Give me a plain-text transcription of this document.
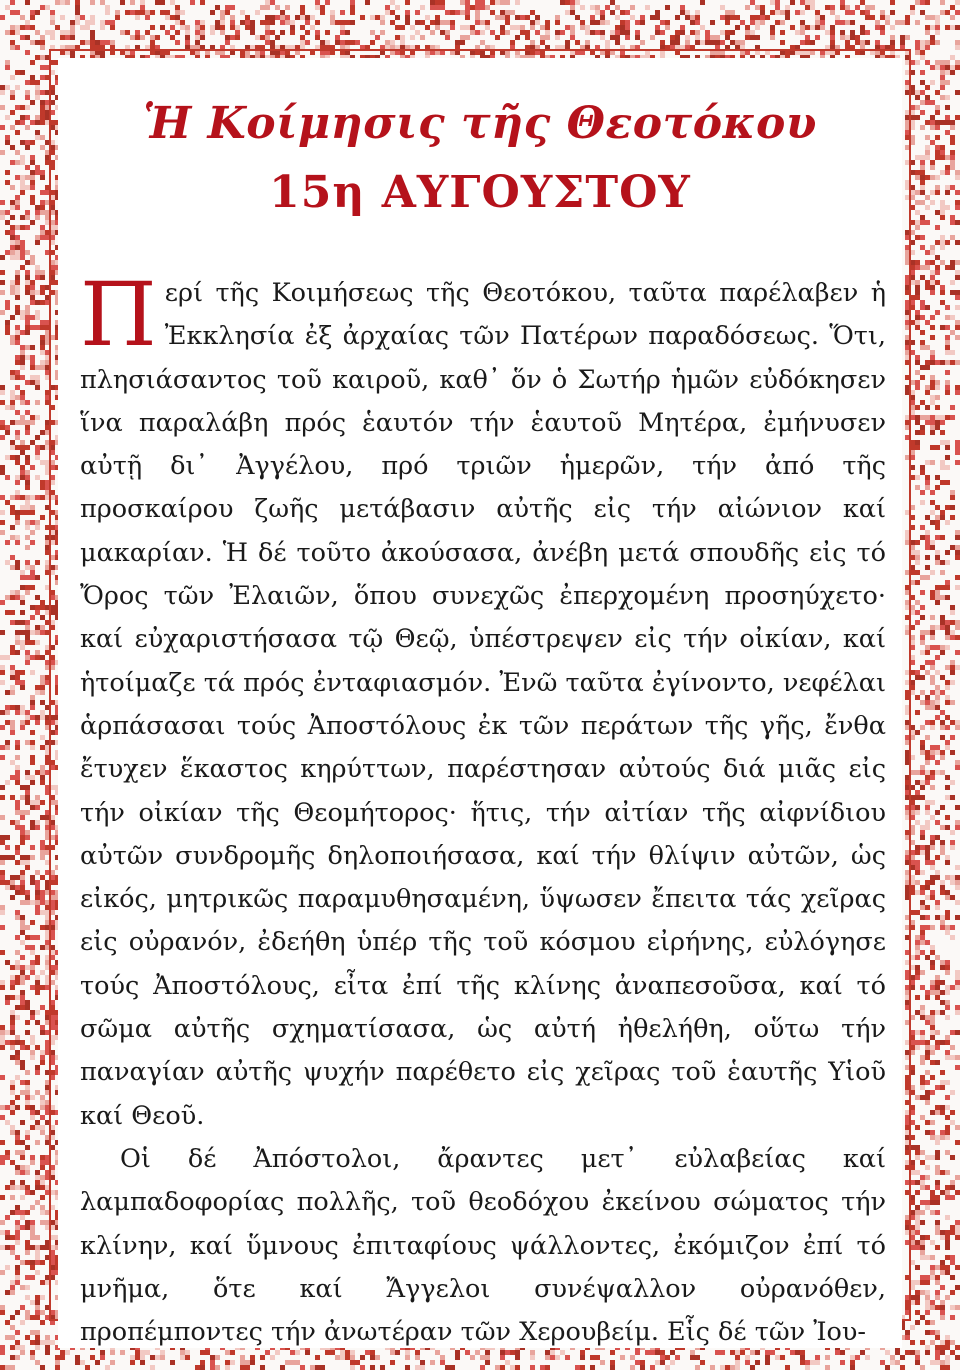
Ἡ Κοίμησις τῆς Θεοτόκου
15η ΑΥΓΟΥΣΤΟΥ

Περί τῆς Κοιμήσεως τῆς Θεοτόκου, ταῦτα παρέλαβεν ἡ Ἐκκλησία ἐξ ἀρχαίας τῶν Πατέρων παραδόσεως. Ὅτι, πλησιάσαντος τοῦ καιροῦ, καθ᾽ ὅν ὁ Σωτήρ ἡμῶν εὐδόκησεν ἵνα παραλάβη πρός ἑαυτόν τήν ἑαυτοῦ Μητέρα, ἐμήνυσεν αὐτῇ δι᾽ Ἀγγέλου, πρό τριῶν ἡμερῶν, τήν ἀπό τῆς προσκαίρου ζωῆς μετάβασιν αὐτῆς εἰς τήν αἰώνιον καί μακαρίαν. Ἡ δέ τοῦτο ἀκούσασα, ἀνέβη μετά σπουδῆς εἰς τό Ὄρος τῶν Ἐλαιῶν, ὅπου συνεχῶς ἐπερχομένη προσηύχετο· καί εὐχαριστήσασα τῷ Θεῷ, ὑπέστρεψεν εἰς τήν οἰκίαν, καί ἡτοίμαζε τά πρός ἐνταφιασμόν. Ἐνῶ ταῦτα ἐγίνοντο, νεφέλαι ἁρπάσασαι τούς Ἀποστόλους ἐκ τῶν περάτων τῆς γῆς, ἔνθα ἔτυχεν ἕκαστος κηρύττων, παρέστησαν αὐτούς διά μιᾶς εἰς τήν οἰκίαν τῆς Θεομήτορος· ἥτις, τήν αἰτίαν τῆς αἰφνίδιου αὐτῶν συνδρομῆς δηλοποιήσασα, καί τήν θλίψιν αὐτῶν, ὡς εἰκός, μητρικῶς παραμυθησαμένη, ὕψωσεν ἔπειτα τάς χεῖρας εἰς οὐρανόν, ἐδεήθη ὑπέρ τῆς τοῦ κόσμου εἰρήνης, εὐλόγησε τούς Ἀποστόλους, εἶτα ἐπί τῆς κλίνης ἀναπεσοῦσα, καί τό σῶμα αὐτῆς σχηματίσασα, ὡς αὐτή ἠθελήθη, οὕτω τήν παναγίαν αὐτῆς ψυχήν παρέθετο εἰς χεῖρας τοῦ ἑαυτῆς Υἱοῦ καί Θεοῦ.

Οἱ δέ Ἀπόστολοι, ἄραντες μετ᾽ εὐλαβείας καί λαμπαδοφορίας πολλῆς, τοῦ θεοδόχου ἐκείνου σώματος τήν κλίνην, καί ὕμνους ἐπιταφίους ψάλλοντες, ἐκόμιζον ἐπί τό μνῆμα, ὅτε καί Ἄγγελοι συνέψαλλον οὐρανόθεν, προπέμποντες τήν ἀνωτέραν τῶν Χερουβείμ. Εἷς δέ τῶν Ἰου-
